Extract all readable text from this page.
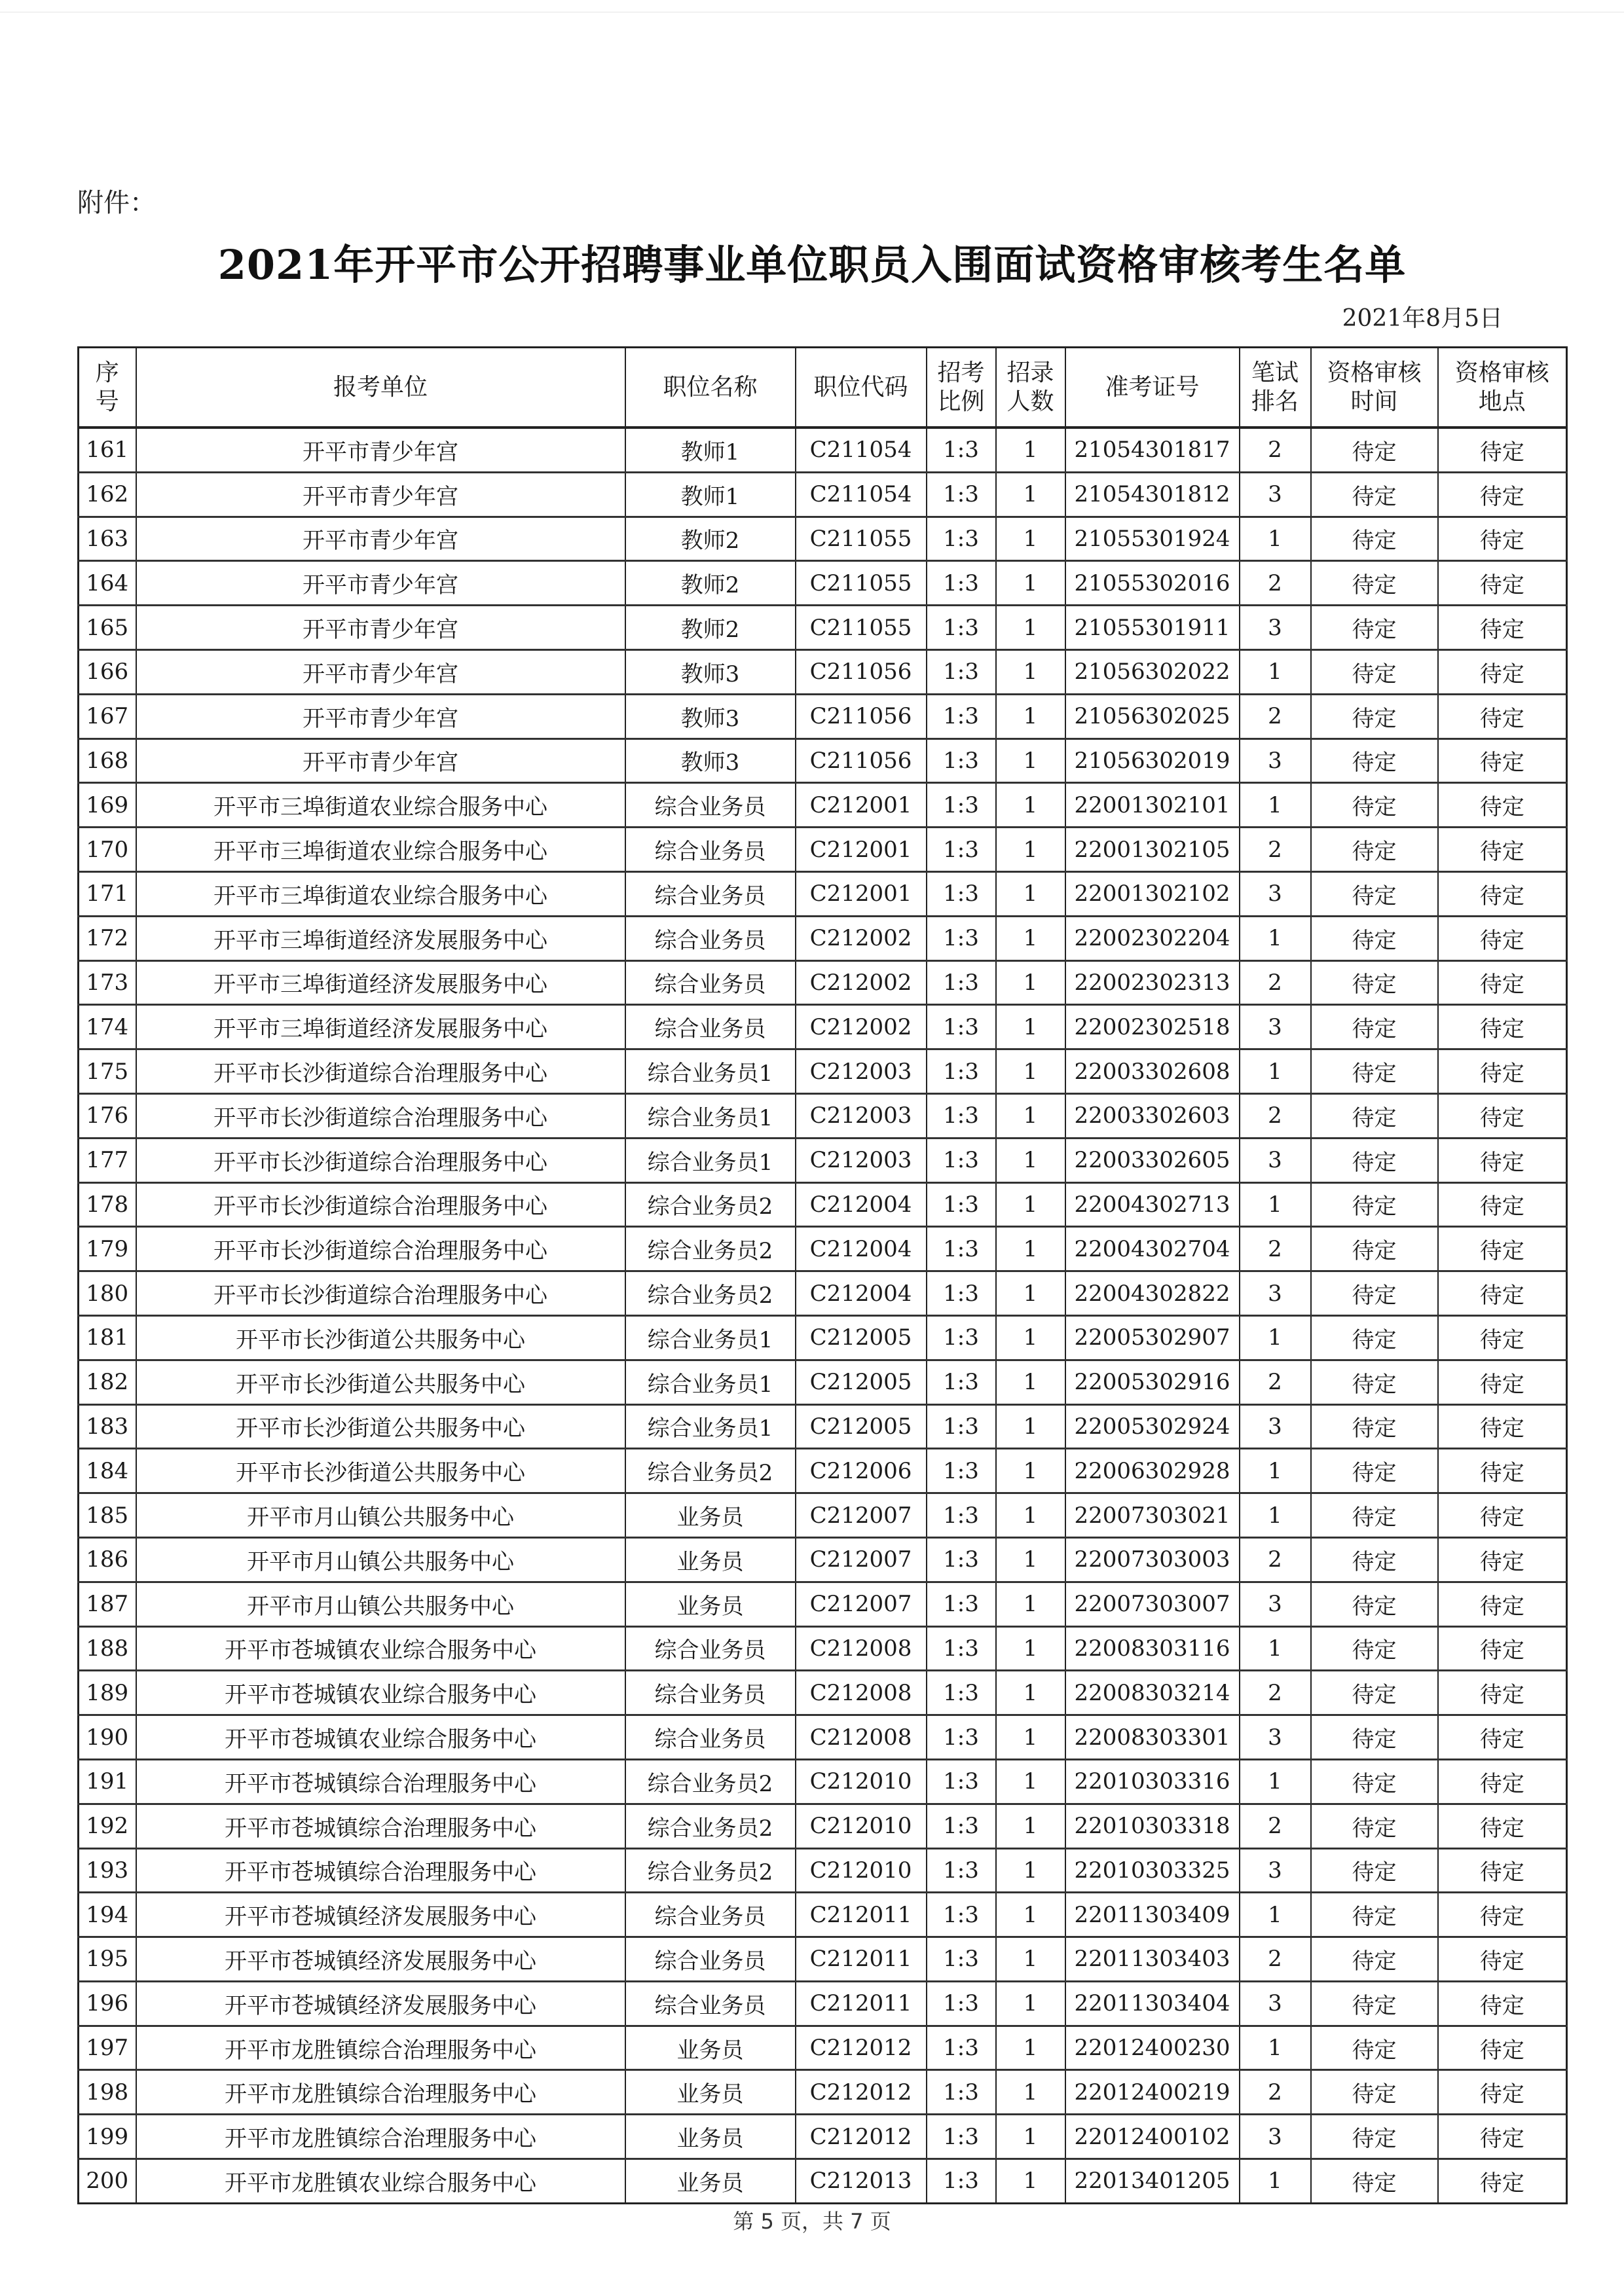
附件：
2021年开平市公开招聘事业单位职员入围面试资格审核考生名单
2021年8月5日
序号	报考单位	职位名称	职位代码	招考比例	招录人数	准考证号	笔试排名	资格审核时间	资格审核地点
161	开平市青少年宫	教师1	C211054	1:3	1	21054301817	2	待定	待定
162	开平市青少年宫	教师1	C211054	1:3	1	21054301812	3	待定	待定
163	开平市青少年宫	教师2	C211055	1:3	1	21055301924	1	待定	待定
164	开平市青少年宫	教师2	C211055	1:3	1	21055302016	2	待定	待定
165	开平市青少年宫	教师2	C211055	1:3	1	21055301911	3	待定	待定
166	开平市青少年宫	教师3	C211056	1:3	1	21056302022	1	待定	待定
167	开平市青少年宫	教师3	C211056	1:3	1	21056302025	2	待定	待定
168	开平市青少年宫	教师3	C211056	1:3	1	21056302019	3	待定	待定
169	开平市三埠街道农业综合服务中心	综合业务员	C212001	1:3	1	22001302101	1	待定	待定
170	开平市三埠街道农业综合服务中心	综合业务员	C212001	1:3	1	22001302105	2	待定	待定
171	开平市三埠街道农业综合服务中心	综合业务员	C212001	1:3	1	22001302102	3	待定	待定
172	开平市三埠街道经济发展服务中心	综合业务员	C212002	1:3	1	22002302204	1	待定	待定
173	开平市三埠街道经济发展服务中心	综合业务员	C212002	1:3	1	22002302313	2	待定	待定
174	开平市三埠街道经济发展服务中心	综合业务员	C212002	1:3	1	22002302518	3	待定	待定
175	开平市长沙街道综合治理服务中心	综合业务员1	C212003	1:3	1	22003302608	1	待定	待定
176	开平市长沙街道综合治理服务中心	综合业务员1	C212003	1:3	1	22003302603	2	待定	待定
177	开平市长沙街道综合治理服务中心	综合业务员1	C212003	1:3	1	22003302605	3	待定	待定
178	开平市长沙街道综合治理服务中心	综合业务员2	C212004	1:3	1	22004302713	1	待定	待定
179	开平市长沙街道综合治理服务中心	综合业务员2	C212004	1:3	1	22004302704	2	待定	待定
180	开平市长沙街道综合治理服务中心	综合业务员2	C212004	1:3	1	22004302822	3	待定	待定
181	开平市长沙街道公共服务中心	综合业务员1	C212005	1:3	1	22005302907	1	待定	待定
182	开平市长沙街道公共服务中心	综合业务员1	C212005	1:3	1	22005302916	2	待定	待定
183	开平市长沙街道公共服务中心	综合业务员1	C212005	1:3	1	22005302924	3	待定	待定
184	开平市长沙街道公共服务中心	综合业务员2	C212006	1:3	1	22006302928	1	待定	待定
185	开平市月山镇公共服务中心	业务员	C212007	1:3	1	22007303021	1	待定	待定
186	开平市月山镇公共服务中心	业务员	C212007	1:3	1	22007303003	2	待定	待定
187	开平市月山镇公共服务中心	业务员	C212007	1:3	1	22007303007	3	待定	待定
188	开平市苍城镇农业综合服务中心	综合业务员	C212008	1:3	1	22008303116	1	待定	待定
189	开平市苍城镇农业综合服务中心	综合业务员	C212008	1:3	1	22008303214	2	待定	待定
190	开平市苍城镇农业综合服务中心	综合业务员	C212008	1:3	1	22008303301	3	待定	待定
191	开平市苍城镇综合治理服务中心	综合业务员2	C212010	1:3	1	22010303316	1	待定	待定
192	开平市苍城镇综合治理服务中心	综合业务员2	C212010	1:3	1	22010303318	2	待定	待定
193	开平市苍城镇综合治理服务中心	综合业务员2	C212010	1:3	1	22010303325	3	待定	待定
194	开平市苍城镇经济发展服务中心	综合业务员	C212011	1:3	1	22011303409	1	待定	待定
195	开平市苍城镇经济发展服务中心	综合业务员	C212011	1:3	1	22011303403	2	待定	待定
196	开平市苍城镇经济发展服务中心	综合业务员	C212011	1:3	1	22011303404	3	待定	待定
197	开平市龙胜镇综合治理服务中心	业务员	C212012	1:3	1	22012400230	1	待定	待定
198	开平市龙胜镇综合治理服务中心	业务员	C212012	1:3	1	22012400219	2	待定	待定
199	开平市龙胜镇综合治理服务中心	业务员	C212012	1:3	1	22012400102	3	待定	待定
200	开平市龙胜镇农业综合服务中心	业务员	C212013	1:3	1	22013401205	1	待定	待定
第 5 页，共 7 页
